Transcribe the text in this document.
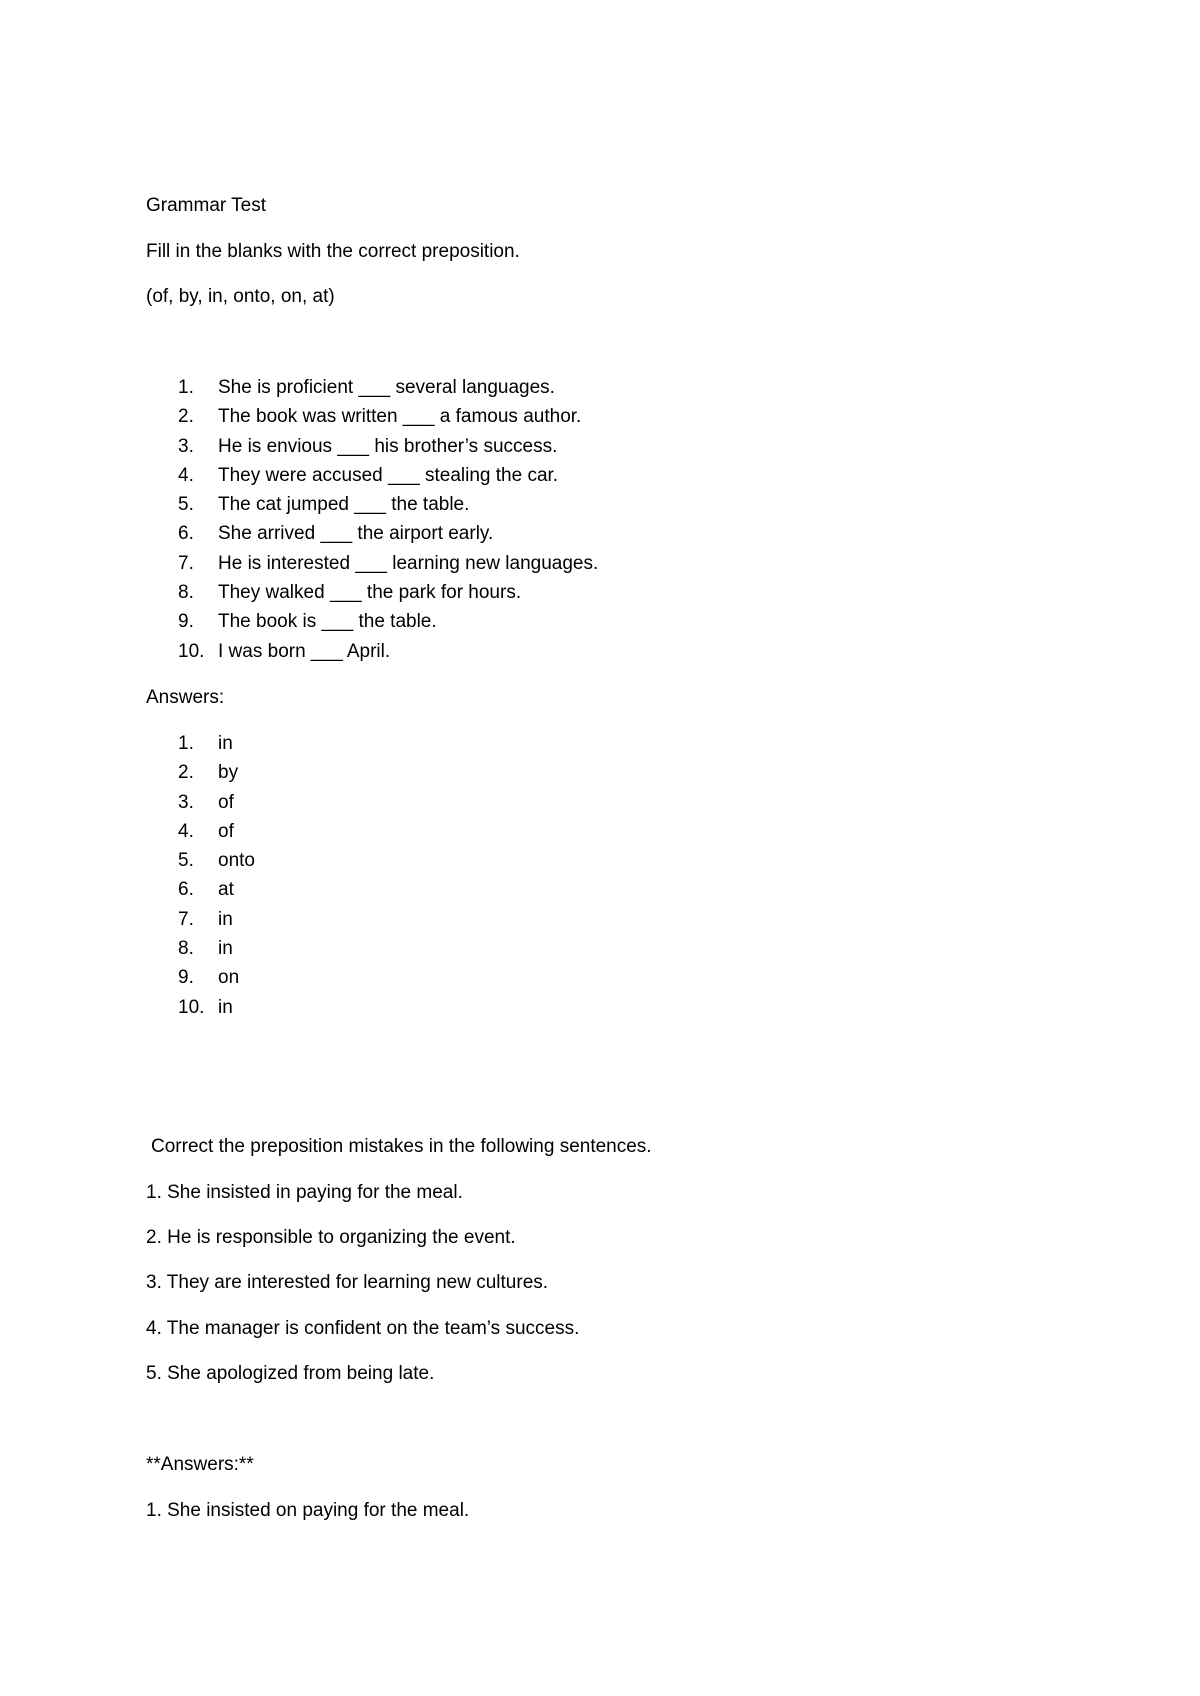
Grammar Test
Fill in the blanks with the correct preposition.
(of, by, in, onto, on, at)
1.	She is proficient ___ several languages.
2.	The book was written ___ a famous author.
3.	He is envious ___ his brother’s success.
4.	They were accused ___ stealing the car.
5.	The cat jumped ___ the table.
6.	She arrived ___ the airport early.
7.	He is interested ___ learning new languages.
8.	They walked ___ the park for hours.
9.	The book is ___ the table.
10. I was born ___ April.
Answers:
1.	in
2.	by
3.	of
4.	of
5.	onto
6.	at
7.	in
8.	in
9.	on
10. in
Correct the preposition mistakes in the following sentences.
1. She insisted in paying for the meal.
2. He is responsible to organizing the event.
3. They are interested for learning new cultures.
4. The manager is confident on the team’s success.
5. She apologized from being late.
**Answers:**
1. She insisted on paying for the meal.
